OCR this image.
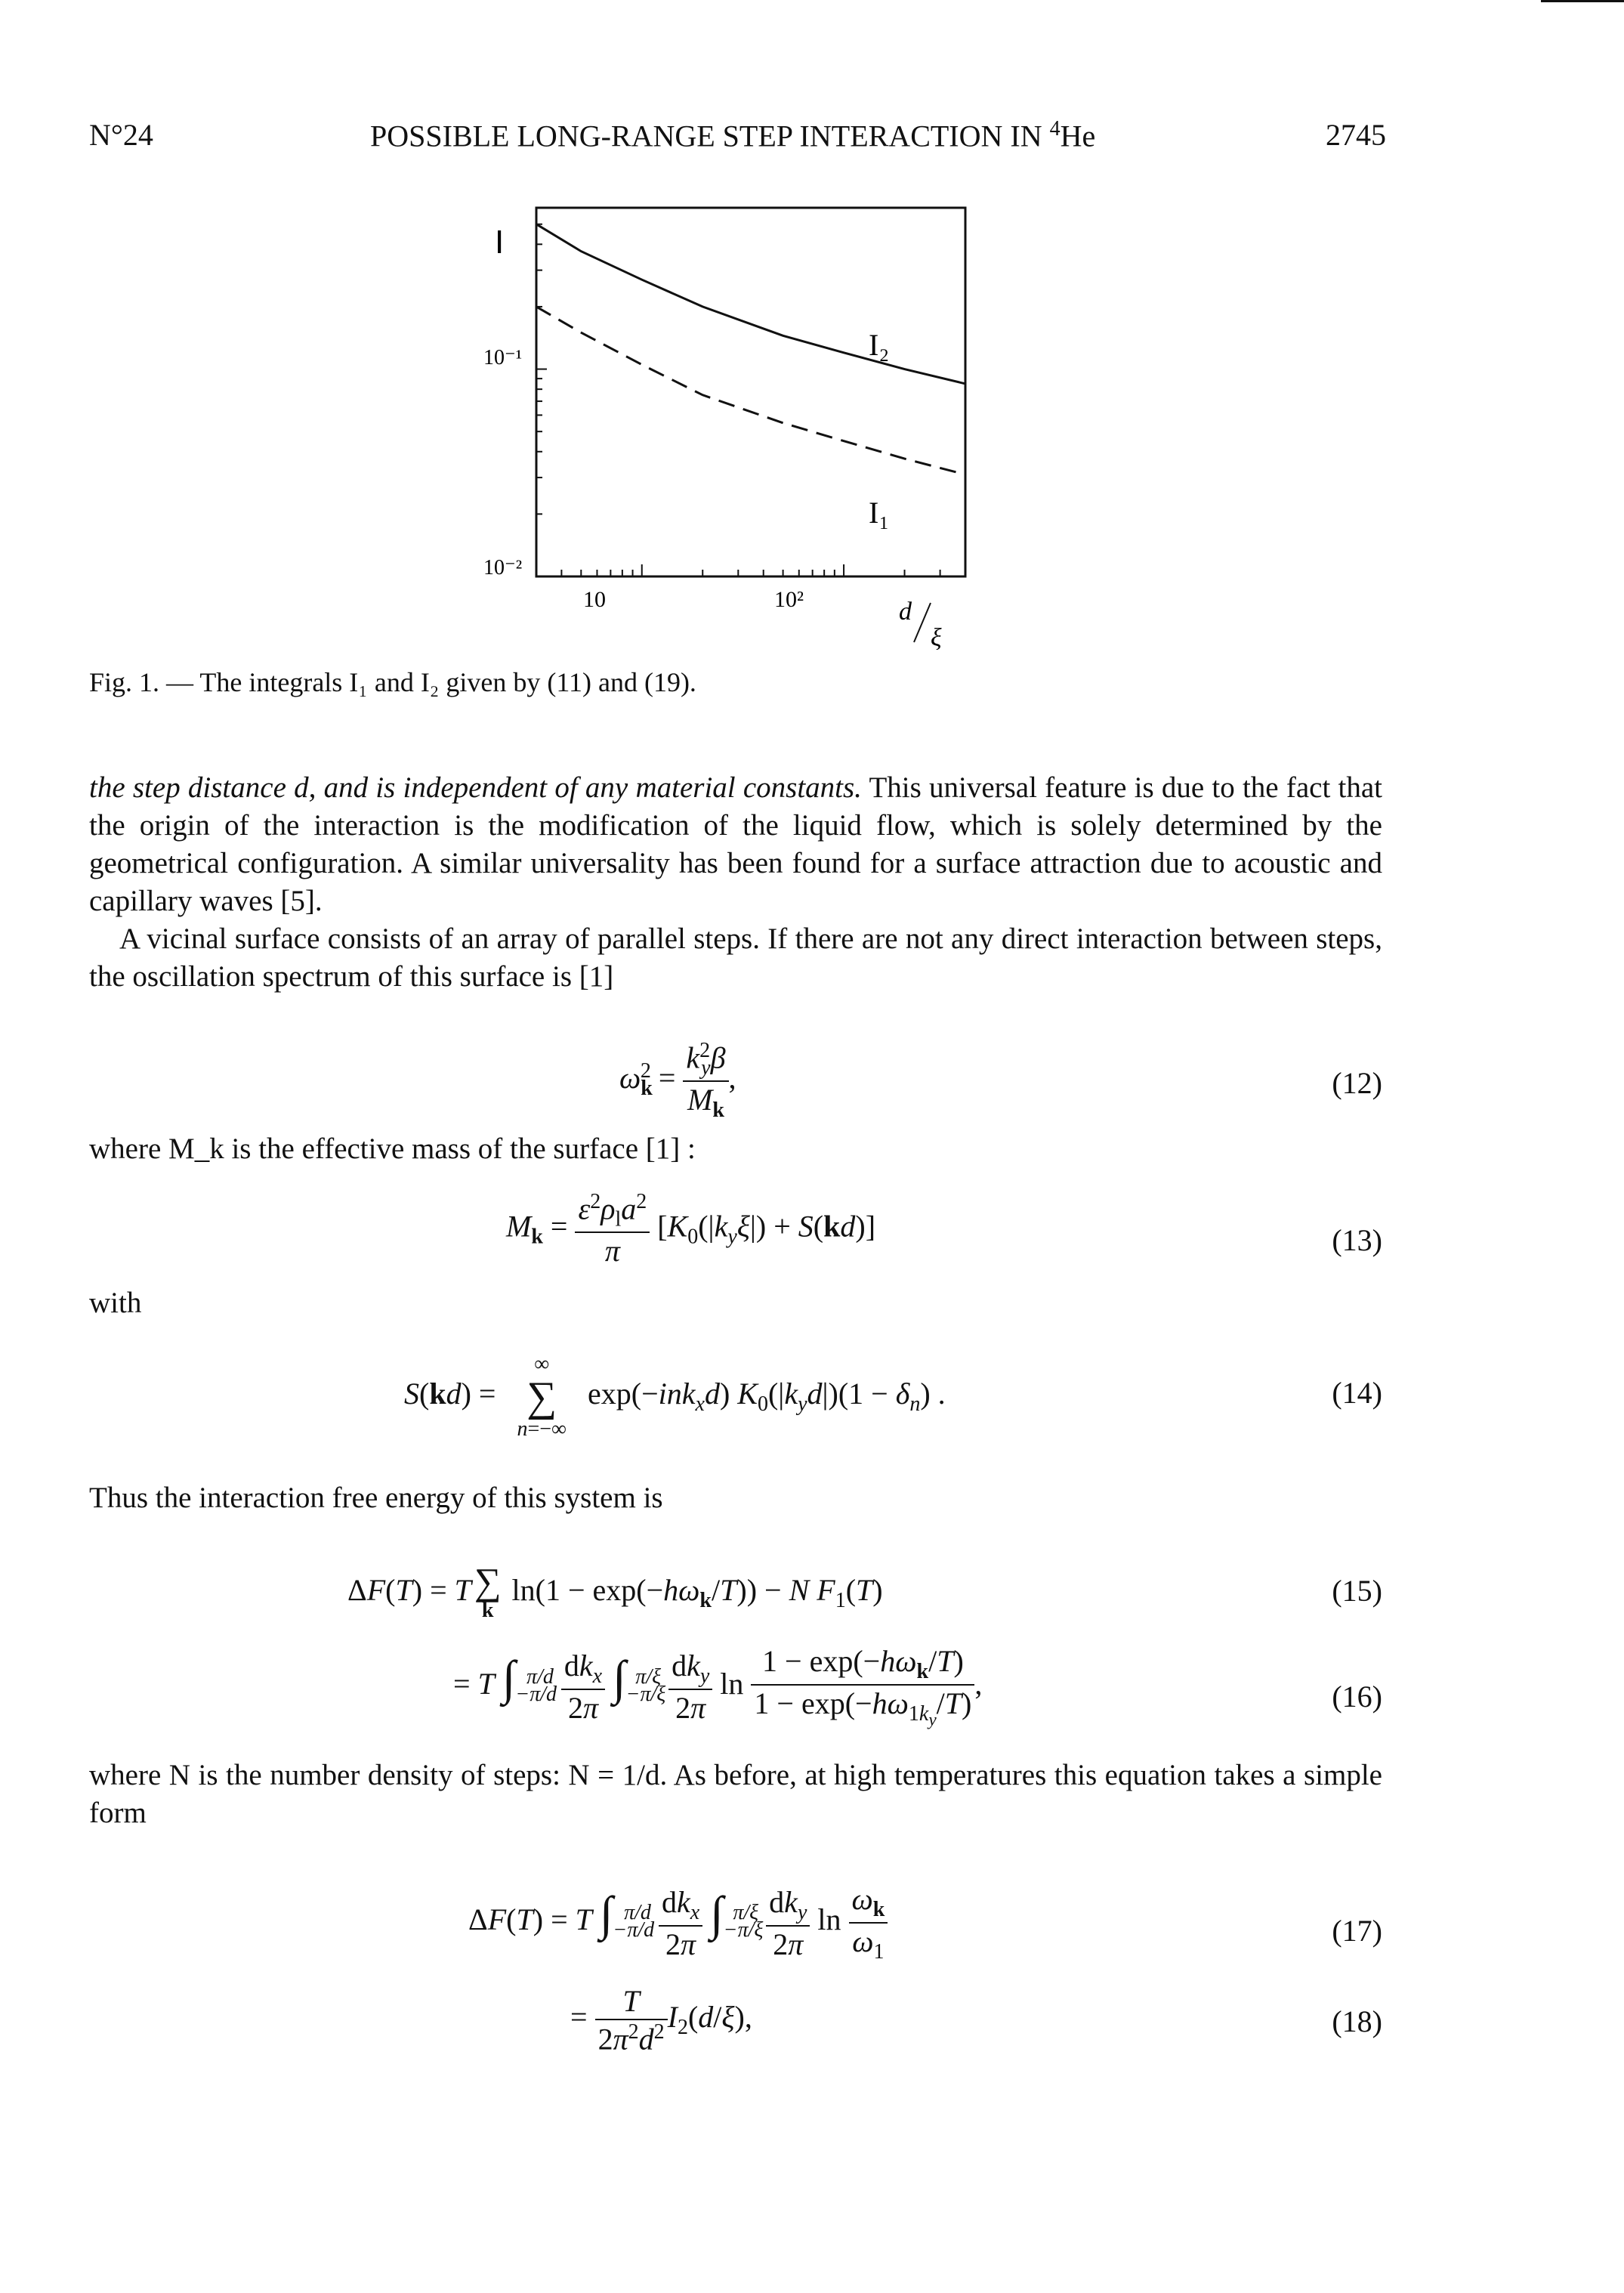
N°24	POSSIBLE LONG-RANGE STEP INTERACTION IN $^4$He	2745
I
10⁻¹
10⁻²
10	10²	d
ξ
I₂
I₁
Fig. 1. — The integrals I₁ and I₂ given by (11) and (19).

the step distance d, and is independent of any material constants. This universal feature is due to the fact that the origin of the interaction is the modification of the liquid flow, which is solely determined by the geometrical configuration. A similar universality has been found for a surface attraction due to acoustic and capillary waves [5].

A vicinal surface consists of an array of parallel steps. If there are not any direct interaction between steps, the oscillation spectrum of this surface is [1]

$\omega_k^2 = \frac{k^2_y\beta}{M_k}$ ,	(12)

where M_k is the effective mass of the surface [1] :

$M_k = \frac{\varepsilon^2\rho_la^2}{\pi} [K_0(|k_y\xi|) + S(kd)]$	(13)

with

S(kd) =
∞
∑
n=−∞
exp(−ink$_x$d) $K_0(|k_yd|)(1 - \delta_n)$ .	(14)

Thus the interaction free energy of this system is

ΔF(T) = T ∑
k
$\ln(1 - \exp(-h\omega_k/T)) - N$ $F_1(T)$	(15)
= T $\int_{-\pi/d}^{\pi/d} \frac{dk_x}{2\pi} \int_{-\pi/\xi}^{\pi/\xi} \frac{dk_y}{2\pi}$ $\ln \frac{1 - \exp(-h\omega_k/T)}{1 - \exp(-h\omega_{1k_y}/T)}$ ,	(16)

where N is the number density of steps: N = 1/d. As before, at high temperatures this equation takes a simple form

ΔF(T) = T $\int_{-\pi/d}^{\pi/d} \frac{dk_x}{2\pi} \int_{-\pi/\xi}^{\pi/\xi} \frac{dk_y}{2\pi}$ $\ln \frac{\omega_k}{\omega_1}$	(17)
= $\frac{T}{2\pi^2d^2} I_2(d/\xi)$,	(18)
